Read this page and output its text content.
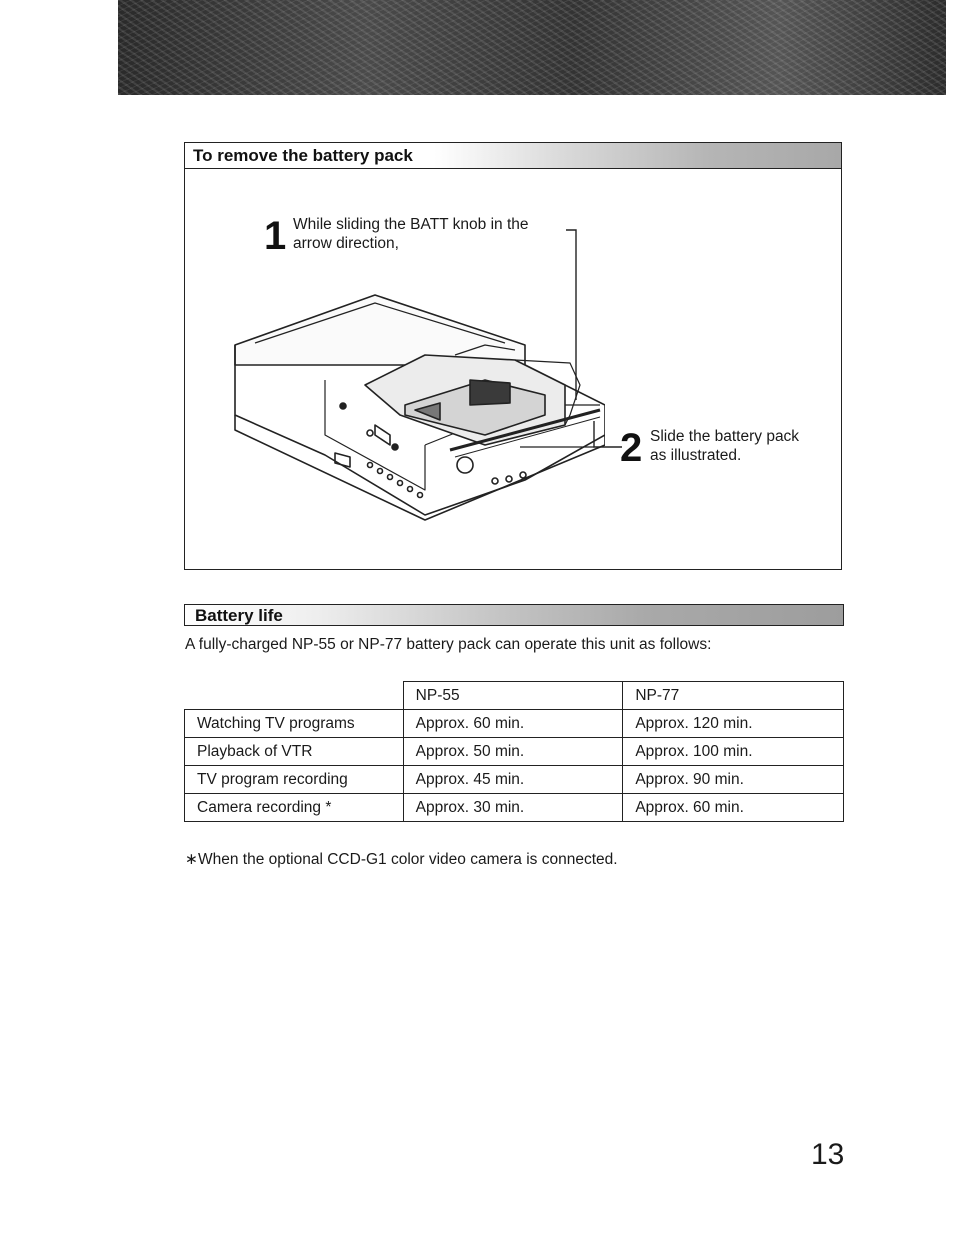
To remove the battery pack
1 While sliding the BATT knob in the
arrow direction,
2 Slide the battery pack
as illustrated.
Battery life
A fully-charged NP-55 or NP-77 battery pack can operate this unit as follows:
	NP-55	NP-77
Watching TV programs	Approx. 60 min.	Approx. 120 min.
Playback of VTR	Approx. 50 min.	Approx. 100 min.
TV program recording	Approx. 45 min.	Approx. 90 min.
Camera recording *	Approx. 30 min.	Approx. 60 min.
∗When the optional CCD-G1 color video camera is connected.
13
